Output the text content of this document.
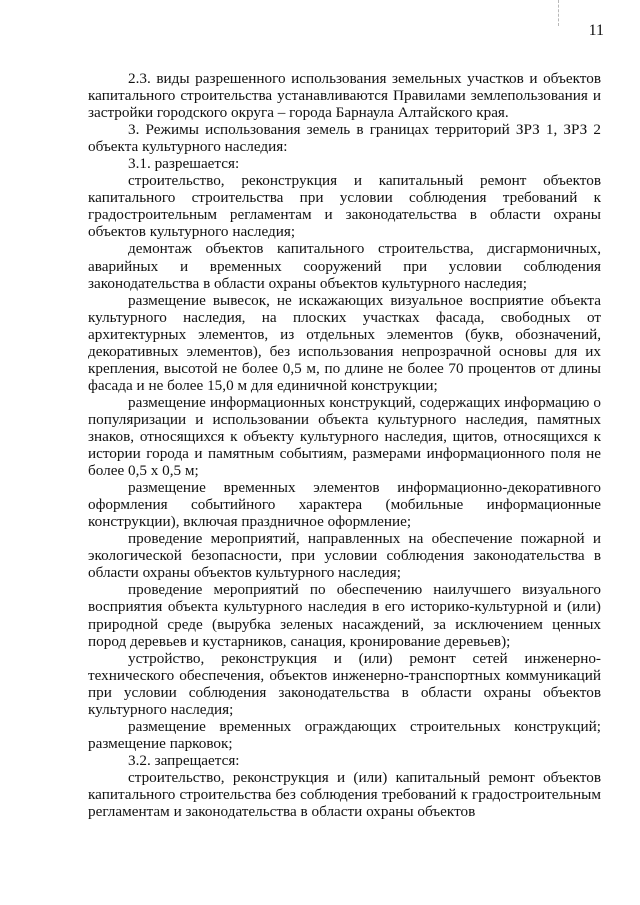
11

2.3. виды разрешенного использования земельных участков и объектов капитального строительства устанавливаются Правилами землепользования и застройки городского округа – города Барнаула Алтайского края.

3. Режимы использования земель в границах территорий ЗРЗ 1, ЗРЗ 2 объекта культурного наследия:

3.1. разрешается:

строительство, реконструкция и капитальный ремонт объектов капитального строительства при условии соблюдения требований к градостроительным регламентам и законодательства в области охраны объектов культурного наследия;

демонтаж объектов капитального строительства, дисгармоничных, аварийных и временных сооружений при условии соблюдения законодательства в области охраны объектов культурного наследия;

размещение вывесок, не искажающих визуальное восприятие объекта культурного наследия, на плоских участках фасада, свободных от архитектурных элементов, из отдельных элементов (букв, обозначений, декоративных элементов), без использования непрозрачной основы для их крепления, высотой не более 0,5 м, по длине не более 70 процентов от длины фасада и не более 15,0 м для единичной конструкции;

размещение информационных конструкций, содержащих информацию о популяризации и использовании объекта культурного наследия, памятных знаков, относящихся к объекту культурного наследия, щитов, относящихся к истории города и памятным событиям, размерами информационного поля не более 0,5 х 0,5 м;

размещение временных элементов информационно-декоративного оформления событийного характера (мобильные информационные конструкции), включая праздничное оформление;

проведение мероприятий, направленных на обеспечение пожарной и экологической безопасности, при условии соблюдения законодательства в области охраны объектов культурного наследия;

проведение мероприятий по обеспечению наилучшего визуального восприятия объекта культурного наследия в его историко-культурной и (или) природной среде (вырубка зеленых насаждений, за исключением ценных пород деревьев и кустарников, санация, кронирование деревьев);

устройство, реконструкция и (или) ремонт сетей инженерно-технического обеспечения, объектов инженерно-транспортных коммуникаций при условии соблюдения законодательства в области охраны объектов культурного наследия;

размещение временных ограждающих строительных конструкций; размещение парковок;

3.2. запрещается:

строительство, реконструкция и (или) капитальный ремонт объектов капитального строительства без соблюдения требований к градостроительным регламентам и законодательства в области охраны объектов
